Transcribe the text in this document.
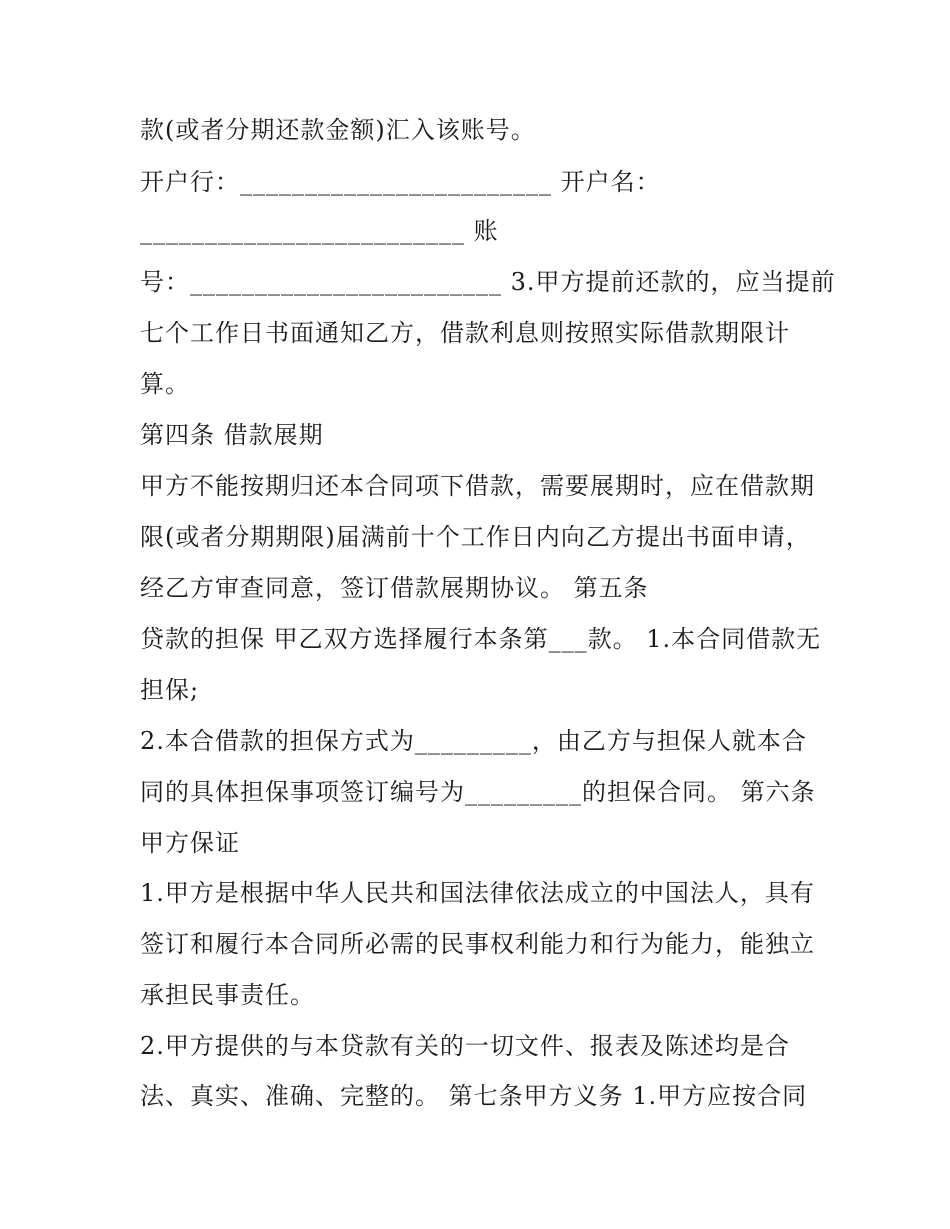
款(或者分期还款金额)汇入该账号。
开户行：________________________ 开户名：
_________________________ 账
号：________________________ 3.甲方提前还款的，应当提前
七个工作日书面通知乙方，借款利息则按照实际借款期限计
算。
第四条 借款展期
甲方不能按期归还本合同项下借款，需要展期时，应在借款期
限(或者分期期限)届满前十个工作日内向乙方提出书面申请，
经乙方审查同意，签订借款展期协议。 第五条
贷款的担保 甲乙双方选择履行本条第___款。 1.本合同借款无
担保;
2.本合借款的担保方式为_________，由乙方与担保人就本合
同的具体担保事项签订编号为_________的担保合同。 第六条
甲方保证
1.甲方是根据中华人民共和国法律依法成立的中国法人，具有
签订和履行本合同所必需的民事权利能力和行为能力，能独立
承担民事责任。
2.甲方提供的与本贷款有关的一切文件、报表及陈述均是合
法、真实、准确、完整的。 第七条甲方义务 1.甲方应按合同
